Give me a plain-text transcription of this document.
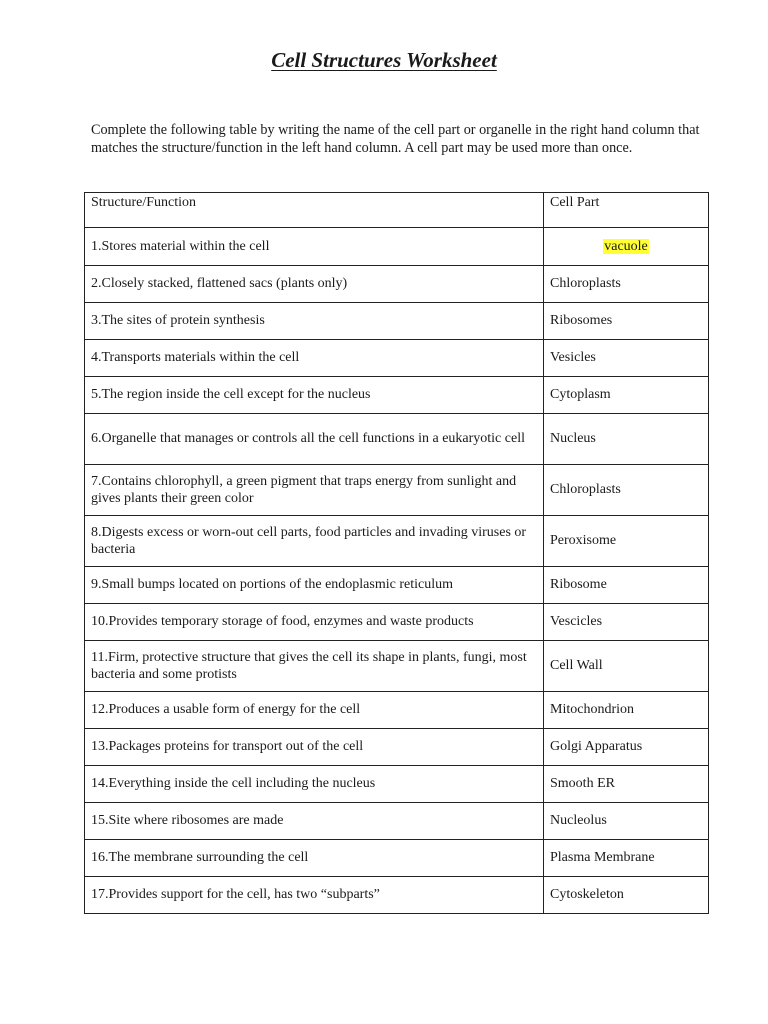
Cell Structures Worksheet
Complete the following table by writing the name of the cell part or organelle in the right hand column that matches the structure/function in the left hand column. A cell part may be used more than once.
Structure/Function	Cell Part
1.Stores material within the cell	vacuole
2.Closely stacked, flattened sacs (plants only)	Chloroplasts
3.The sites of protein synthesis	Ribosomes
4.Transports materials within the cell	Vesicles
5.The region inside the cell except for the nucleus	Cytoplasm
6.Organelle that manages or controls all the cell functions in a eukaryotic cell	Nucleus
7.Contains chlorophyll, a green pigment that traps energy from sunlight and gives plants their green color	Chloroplasts
8.Digests excess or worn-out cell parts, food particles and invading viruses or bacteria	Peroxisome
9.Small bumps located on portions of the endoplasmic reticulum	Ribosome
10.Provides temporary storage of food, enzymes and waste products	Vescicles
11.Firm, protective structure that gives the cell its shape in plants, fungi, most bacteria and some protists	Cell Wall
12.Produces a usable form of energy for the cell	Mitochondrion
13.Packages proteins for transport out of the cell	Golgi Apparatus
14.Everything inside the cell including the nucleus	Smooth ER
15.Site where ribosomes are made	Nucleolus
16.The membrane surrounding the cell	Plasma Membrane
17.Provides support for the cell, has two “subparts”	Cytoskeleton
